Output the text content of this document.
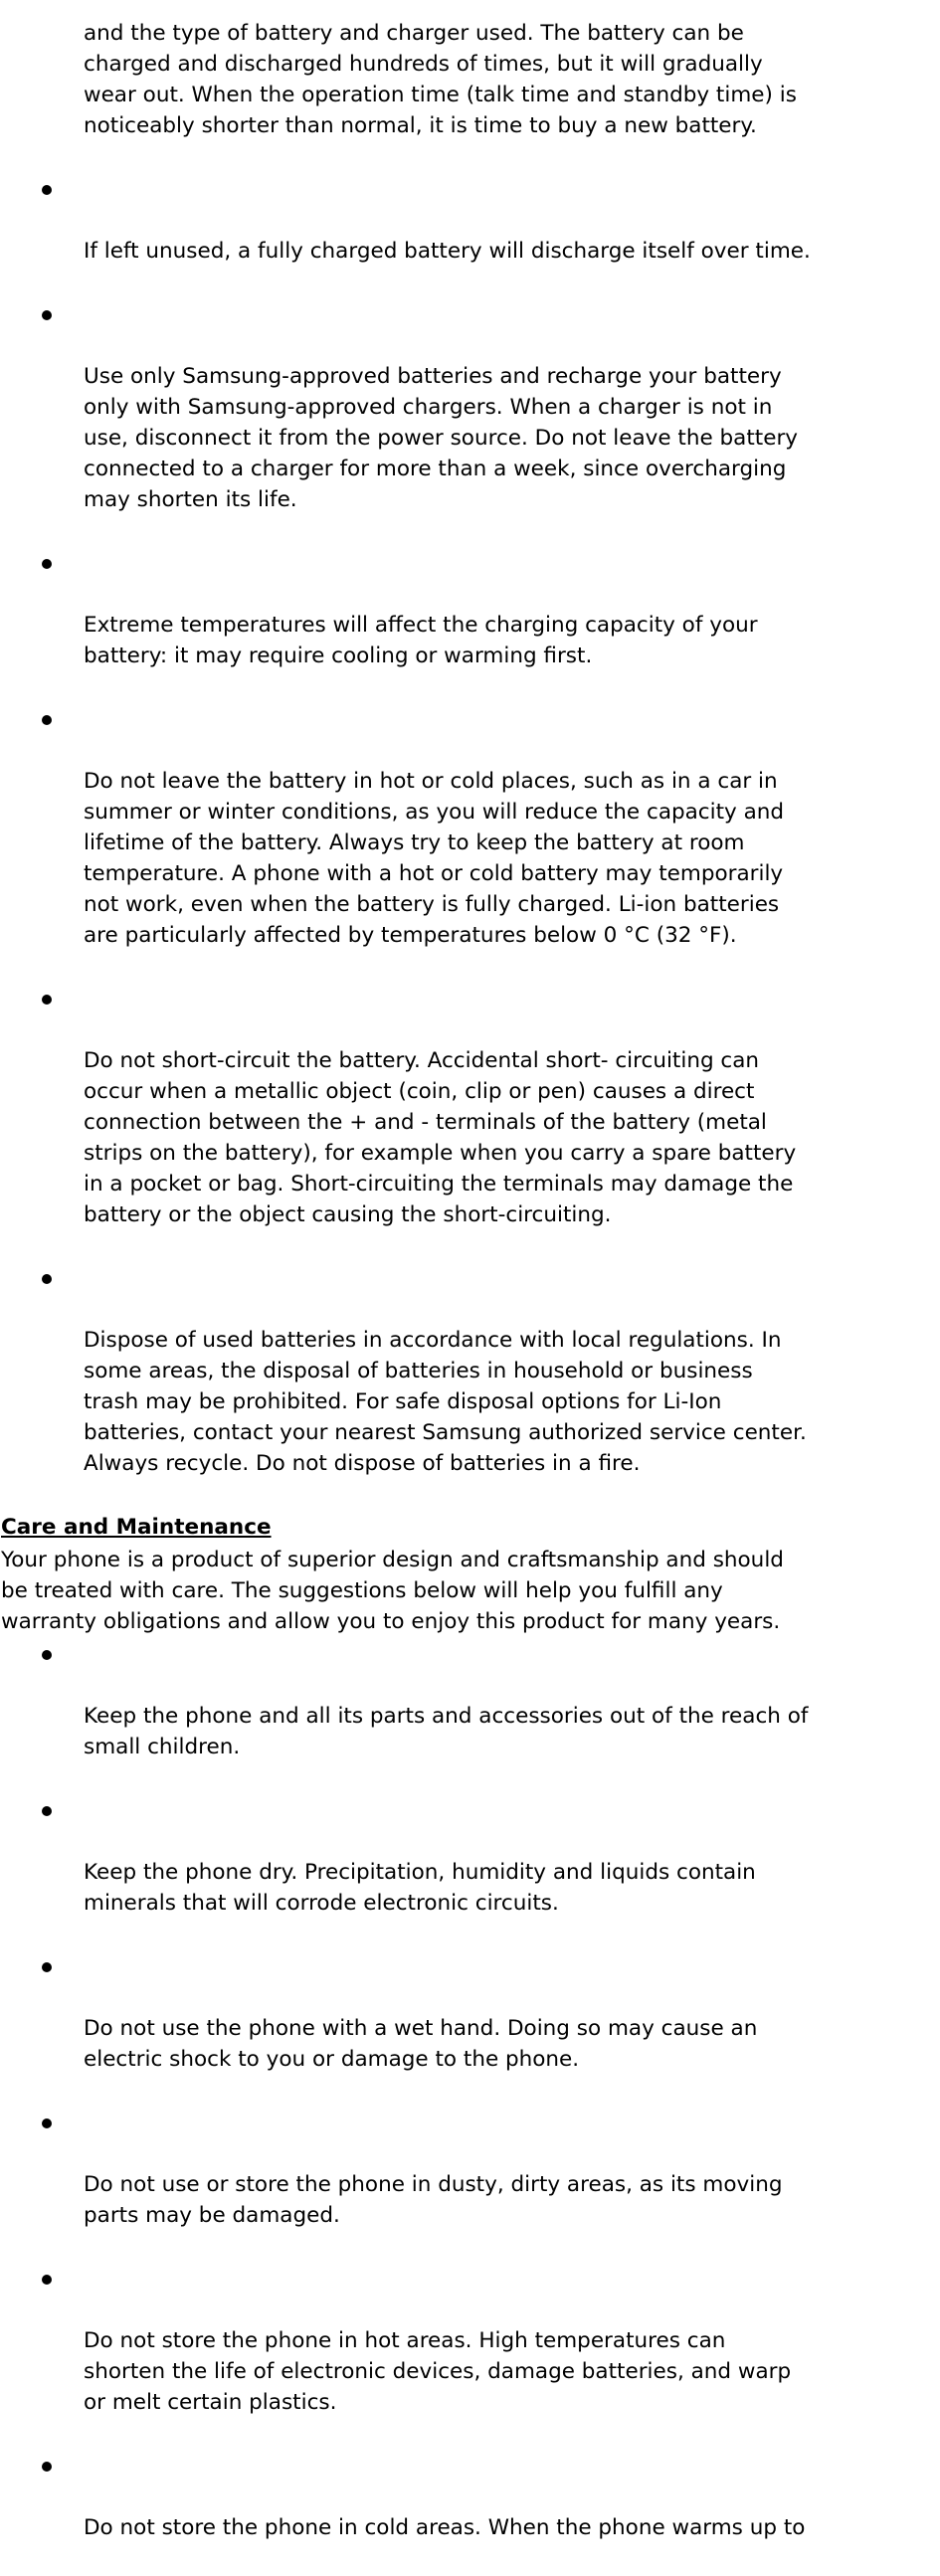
and the type of battery and charger used. The battery can be
charged and discharged hundreds of times, but it will gradually
wear out. When the operation time (talk time and standby time) is
noticeably shorter than normal, it is time to buy a new battery.

If left unused, a fully charged battery will discharge itself over time.

Use only Samsung-approved batteries and recharge your battery
only with Samsung-approved chargers. When a charger is not in
use, disconnect it from the power source. Do not leave the battery
connected to a charger for more than a week, since overcharging
may shorten its life.

Extreme temperatures will affect the charging capacity of your
battery: it may require cooling or warming first.

Do not leave the battery in hot or cold places, such as in a car in
summer or winter conditions, as you will reduce the capacity and
lifetime of the battery. Always try to keep the battery at room
temperature. A phone with a hot or cold battery may temporarily
not work, even when the battery is fully charged. Li-ion batteries
are particularly affected by temperatures below 0 °C (32 °F).

Do not short-circuit the battery. Accidental short- circuiting can
occur when a metallic object (coin, clip or pen) causes a direct
connection between the + and - terminals of the battery (metal
strips on the battery), for example when you carry a spare battery
in a pocket or bag. Short-circuiting the terminals may damage the
battery or the object causing the short-circuiting.

Dispose of used batteries in accordance with local regulations. In
some areas, the disposal of batteries in household or business
trash may be prohibited. For safe disposal options for Li-Ion
batteries, contact your nearest Samsung authorized service center.
Always recycle. Do not dispose of batteries in a fire.

Care and Maintenance
Your phone is a product of superior design and craftsmanship and should
be treated with care. The suggestions below will help you fulfill any
warranty obligations and allow you to enjoy this product for many years.

Keep the phone and all its parts and accessories out of the reach of
small children.

Keep the phone dry. Precipitation, humidity and liquids contain
minerals that will corrode electronic circuits.

Do not use the phone with a wet hand. Doing so may cause an
electric shock to you or damage to the phone.

Do not use or store the phone in dusty, dirty areas, as its moving
parts may be damaged.

Do not store the phone in hot areas. High temperatures can
shorten the life of electronic devices, damage batteries, and warp
or melt certain plastics.

Do not store the phone in cold areas. When the phone warms up to
